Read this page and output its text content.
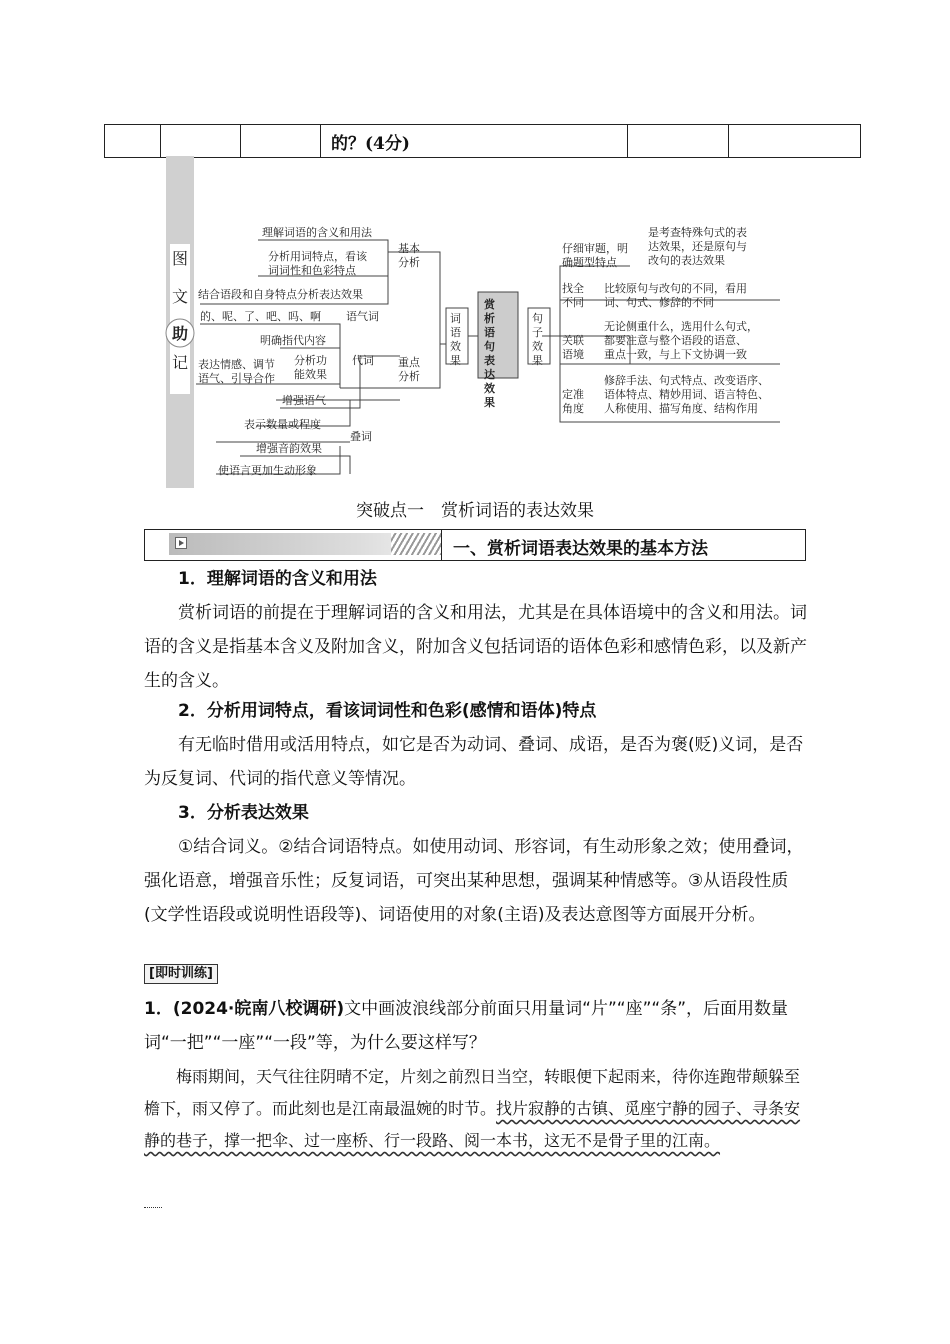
			的？(4分)		
图
文
助
记
理解词语的含义和用法
分析用词特点，看该词词性和色彩特点
结合语段和自身特点分析表达效果
基本分析
的、呢、了、吧、吗、啊 语气词
明确指代内容
分析功能效果
表达情感、调节语气、引导合作
代词 重点分析
增强语气
表示数量或程度
增强音韵效果
使语言更加生动形象
叠词
词语效果
赏析语句表达效果
句子效果
仔细审题，明确题型特点
是考查特殊句式的表达效果，还是原句与改句的表达效果
找全不同
比较原句与改句的不同，看用词、句式、修辞的不同
关联语境
无论侧重什么，选用什么句式，都要注意与整个语段的语意、重点一致，与上下文协调一致
定准角度
修辞手法、句式特点、改变语序、语体特点、精妙用词、语言特色、人称使用、描写角度、结构作用
突破点一　赏析词语的表达效果
一、赏析词语表达效果的基本方法
1．理解词语的含义和用法
赏析词语的前提在于理解词语的含义和用法，尤其是在具体语境中的含义和用法。词语的含义是指基本含义及附加含义，附加含义包括词语的语体色彩和感情色彩，以及新产生的含义。
2．分析用词特点，看该词词性和色彩(感情和语体)特点
有无临时借用或活用特点，如它是否为动词、叠词、成语，是否为褒(贬)义词，是否为反复词、代词的指代意义等情况。
3．分析表达效果
①结合词义。②结合词语特点。如使用动词、形容词，有生动形象之效；使用叠词，强化语意，增强音乐性；反复词语，可突出某种思想，强调某种情感等。③从语段性质(文学性语段或说明性语段等)、词语使用的对象(主语)及表达意图等方面展开分析。
[即时训练]
1．(2024·皖南八校调研)文中画波浪线部分前面只用量词“片”“座”“条”，后面用数量词“一把”“一座”“一段”等，为什么要这样写？
梅雨期间，天气往往阴晴不定，片刻之前烈日当空，转眼便下起雨来，待你连跑带颠躲至檐下，雨又停了。而此刻也是江南最温婉的时节。找片寂静的古镇、觅座宁静的园子、寻条安静的巷子，撑一把伞、过一座桥、行一段路、阅一本书，这无不是骨子里的江南。
